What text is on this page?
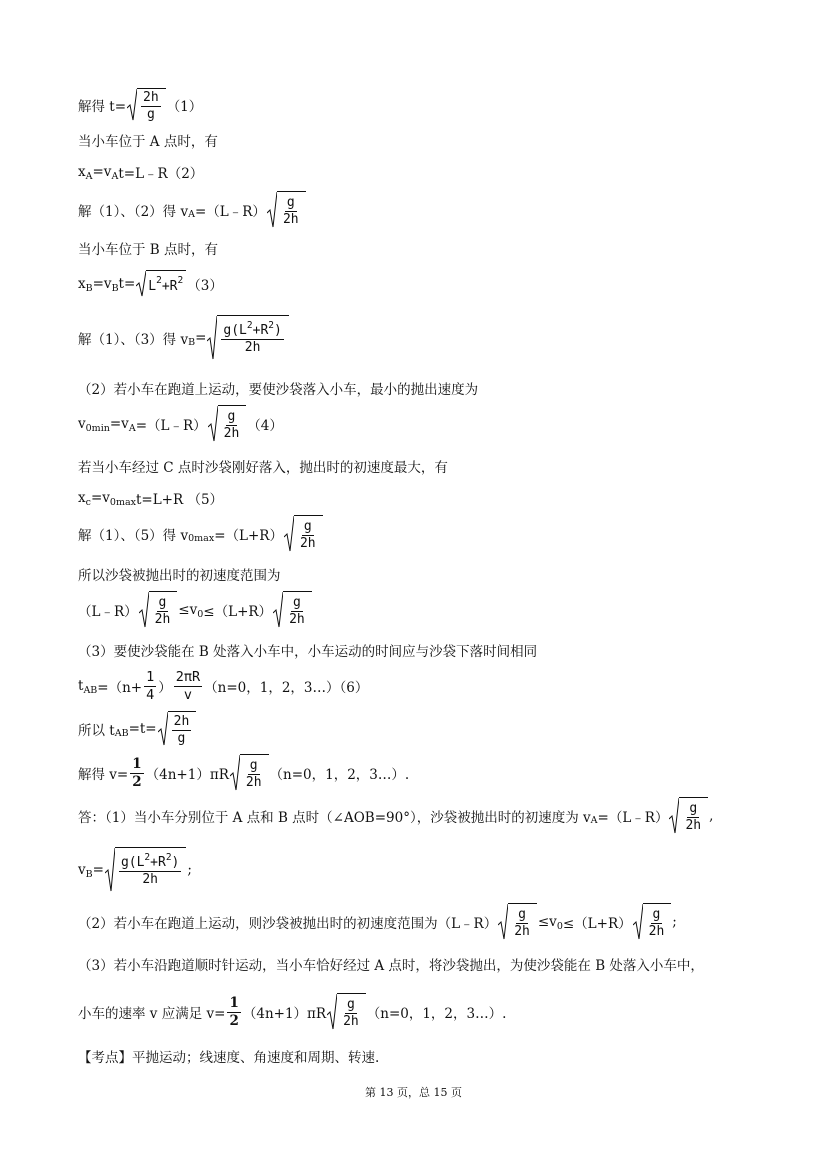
解得 $t= \frac{2h}{g} (1)$
当小车位于 A 点时，有
x A =v A t=L﹣R（2）
解（1）、（2）得 v A =（L﹣R） $\frac{g}{2h}$
当小车位于 B 点时，有
x B =v B t= L 2 +R 2 （3）
解（1）、（3）得 v $B = \frac{g(L^2+R^2)}{2h}$
（2）若小车在跑道上运动，要使沙袋落入小车，最小的抛出速度为
v 0min =v A =（L﹣R） $\frac{g}{2h} (4)$
若当小车经过 C 点时沙袋刚好落入，抛出时的初速度最大，有
x c =v 0max t=L+R （5）
解（1）、（5）得 v $0\max =(L+R) \frac{g}{2h}$
所以沙袋被抛出时的初速度范围为
（L﹣R） $\frac{g}{2h} \le v$ $0 \le(L+R) \frac{g}{2h}$
（3）要使沙袋能在 B 处落入小车中，小车运动的时间应与沙袋下落时间相同
t AB $=(n+ \frac{1}{4}$ ） $\frac{2\pi R}{v} (n=0$，1，2，3…）（6）
所以 t AB $=t= \frac{2h}{g}$
解得 $v= \frac{1}{2} (4n+1)\pi R \frac{g}{2h} (n=0$，1，2，3…）.
答：（1）当小车分别位于 A 点和 B 点时（∠AOB=90°），沙袋被抛出时的初速度为 v A =（L﹣R） $\frac{g}{2h}$ ,
v $B = \frac{g(L^2+R^2)}{2h}$ ;
（2）若小车在跑道上运动，则沙袋被抛出时的初速度范围为（L﹣R） $\frac{g}{2h} \le v$ $0 \le(L+R) \frac{g}{2h}$ ;
（3）若小车沿跑道顺时针运动，当小车恰好经过 A 点时，将沙袋抛出，为使沙袋能在 B 处落入小车中，
小车的速率 v 应满足 $v= \frac{1}{2} (4n+1)\pi R \frac{g}{2h} (n=0$，1，2，3…）.
【考点】平抛运动；线速度、角速度和周期、转速.
第 13 页，总 15 页
